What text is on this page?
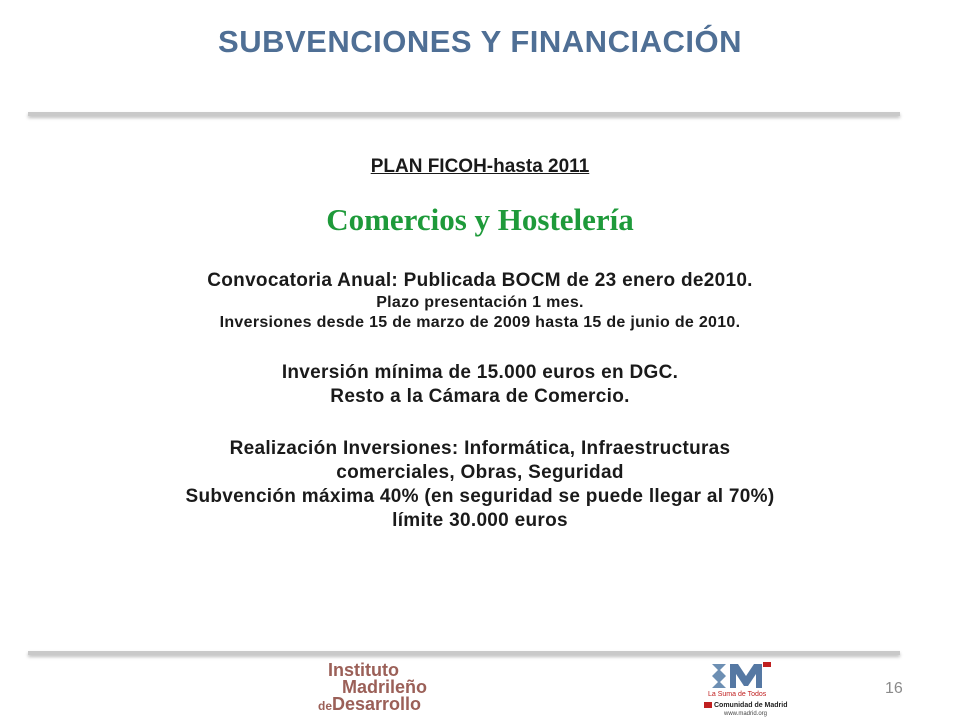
SUBVENCIONES Y FINANCIACIÓN
PLAN FICOH-hasta 2011
Comercios y Hostelería
Convocatoria Anual: Publicada BOCM de 23 enero de2010.
Plazo presentación 1 mes.
Inversiones desde 15 de marzo de 2009 hasta 15 de junio de 2010.
Inversión mínima de 15.000 euros en DGC.
Resto a la Cámara de Comercio.
Realización Inversiones: Informática, Infraestructuras
comerciales, Obras, Seguridad
Subvención máxima 40% (en seguridad se puede llegar al 70%)
límite 30.000 euros
Instituto
Madrileño
deDesarrollo	La Suma de Todos
Comunidad de Madrid
www.madrid.org
16
